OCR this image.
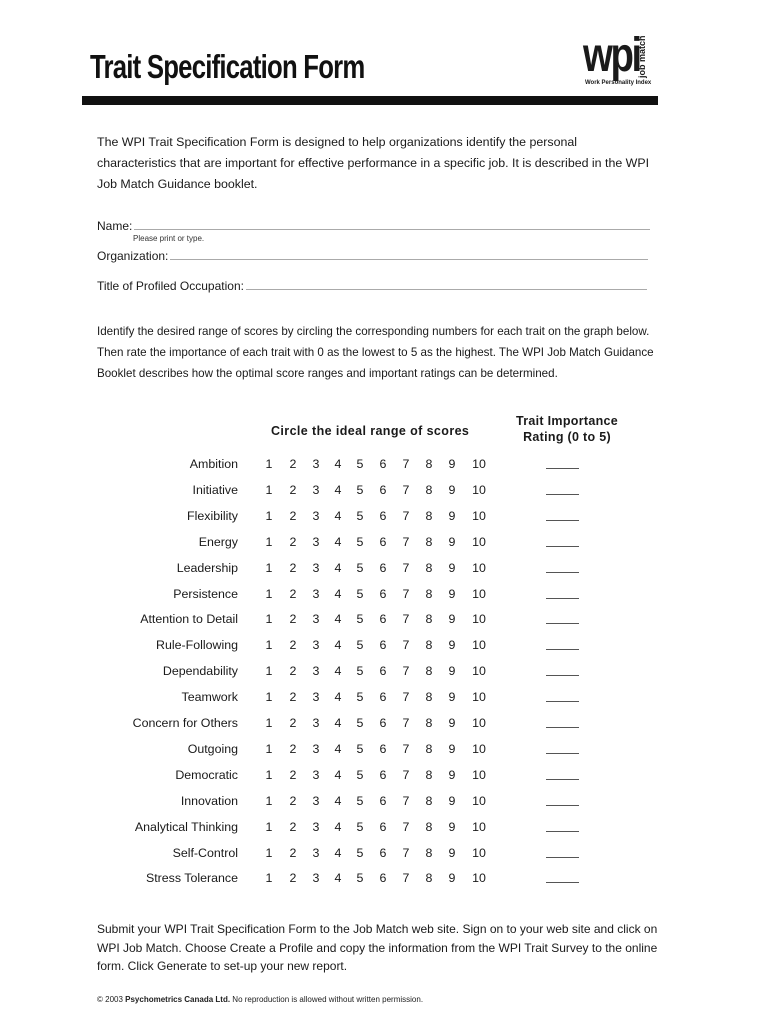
Trait Specification Form	wpi
job match
Work Personality Index
The WPI Trait Specification Form is designed to help organizations identify the personal characteristics that are important for effective performance in a specific job. It is described in the WPI Job Match Guidance booklet.
Name:
Please print or type.
Organization:
Title of Profiled Occupation:
Identify the desired range of scores by circling the corresponding numbers for each trait on the graph below. Then rate the importance of each trait with 0 as the lowest to 5 as the highest. The WPI Job Match Guidance Booklet describes how the optimal score ranges and important ratings can be determined.
Circle the ideal range of scores
Trait Importance
Rating (0 to 5)
Ambition	1	2	3	4	5	6	7	8	9	10
Initiative	1	2	3	4	5	6	7	8	9	10
Flexibility	1	2	3	4	5	6	7	8	9	10
Energy	1	2	3	4	5	6	7	8	9	10
Leadership	1	2	3	4	5	6	7	8	9	10
Persistence	1	2	3	4	5	6	7	8	9	10
Attention to Detail	1	2	3	4	5	6	7	8	9	10
Rule-Following	1	2	3	4	5	6	7	8	9	10
Dependability	1	2	3	4	5	6	7	8	9	10
Teamwork	1	2	3	4	5	6	7	8	9	10
Concern for Others	1	2	3	4	5	6	7	8	9	10
Outgoing	1	2	3	4	5	6	7	8	9	10
Democratic	1	2	3	4	5	6	7	8	9	10
Innovation	1	2	3	4	5	6	7	8	9	10
Analytical Thinking	1	2	3	4	5	6	7	8	9	10
Self-Control	1	2	3	4	5	6	7	8	9	10
Stress Tolerance	1	2	3	4	5	6	7	8	9	10
Submit your WPI Trait Specification Form to the Job Match web site. Sign on to your web site and click on WPI Job Match. Choose Create a Profile and copy the information from the WPI Trait Survey to the online form. Click Generate to set-up your new report.
© 2003 Psychometrics Canada Ltd. No reproduction is allowed without written permission.
